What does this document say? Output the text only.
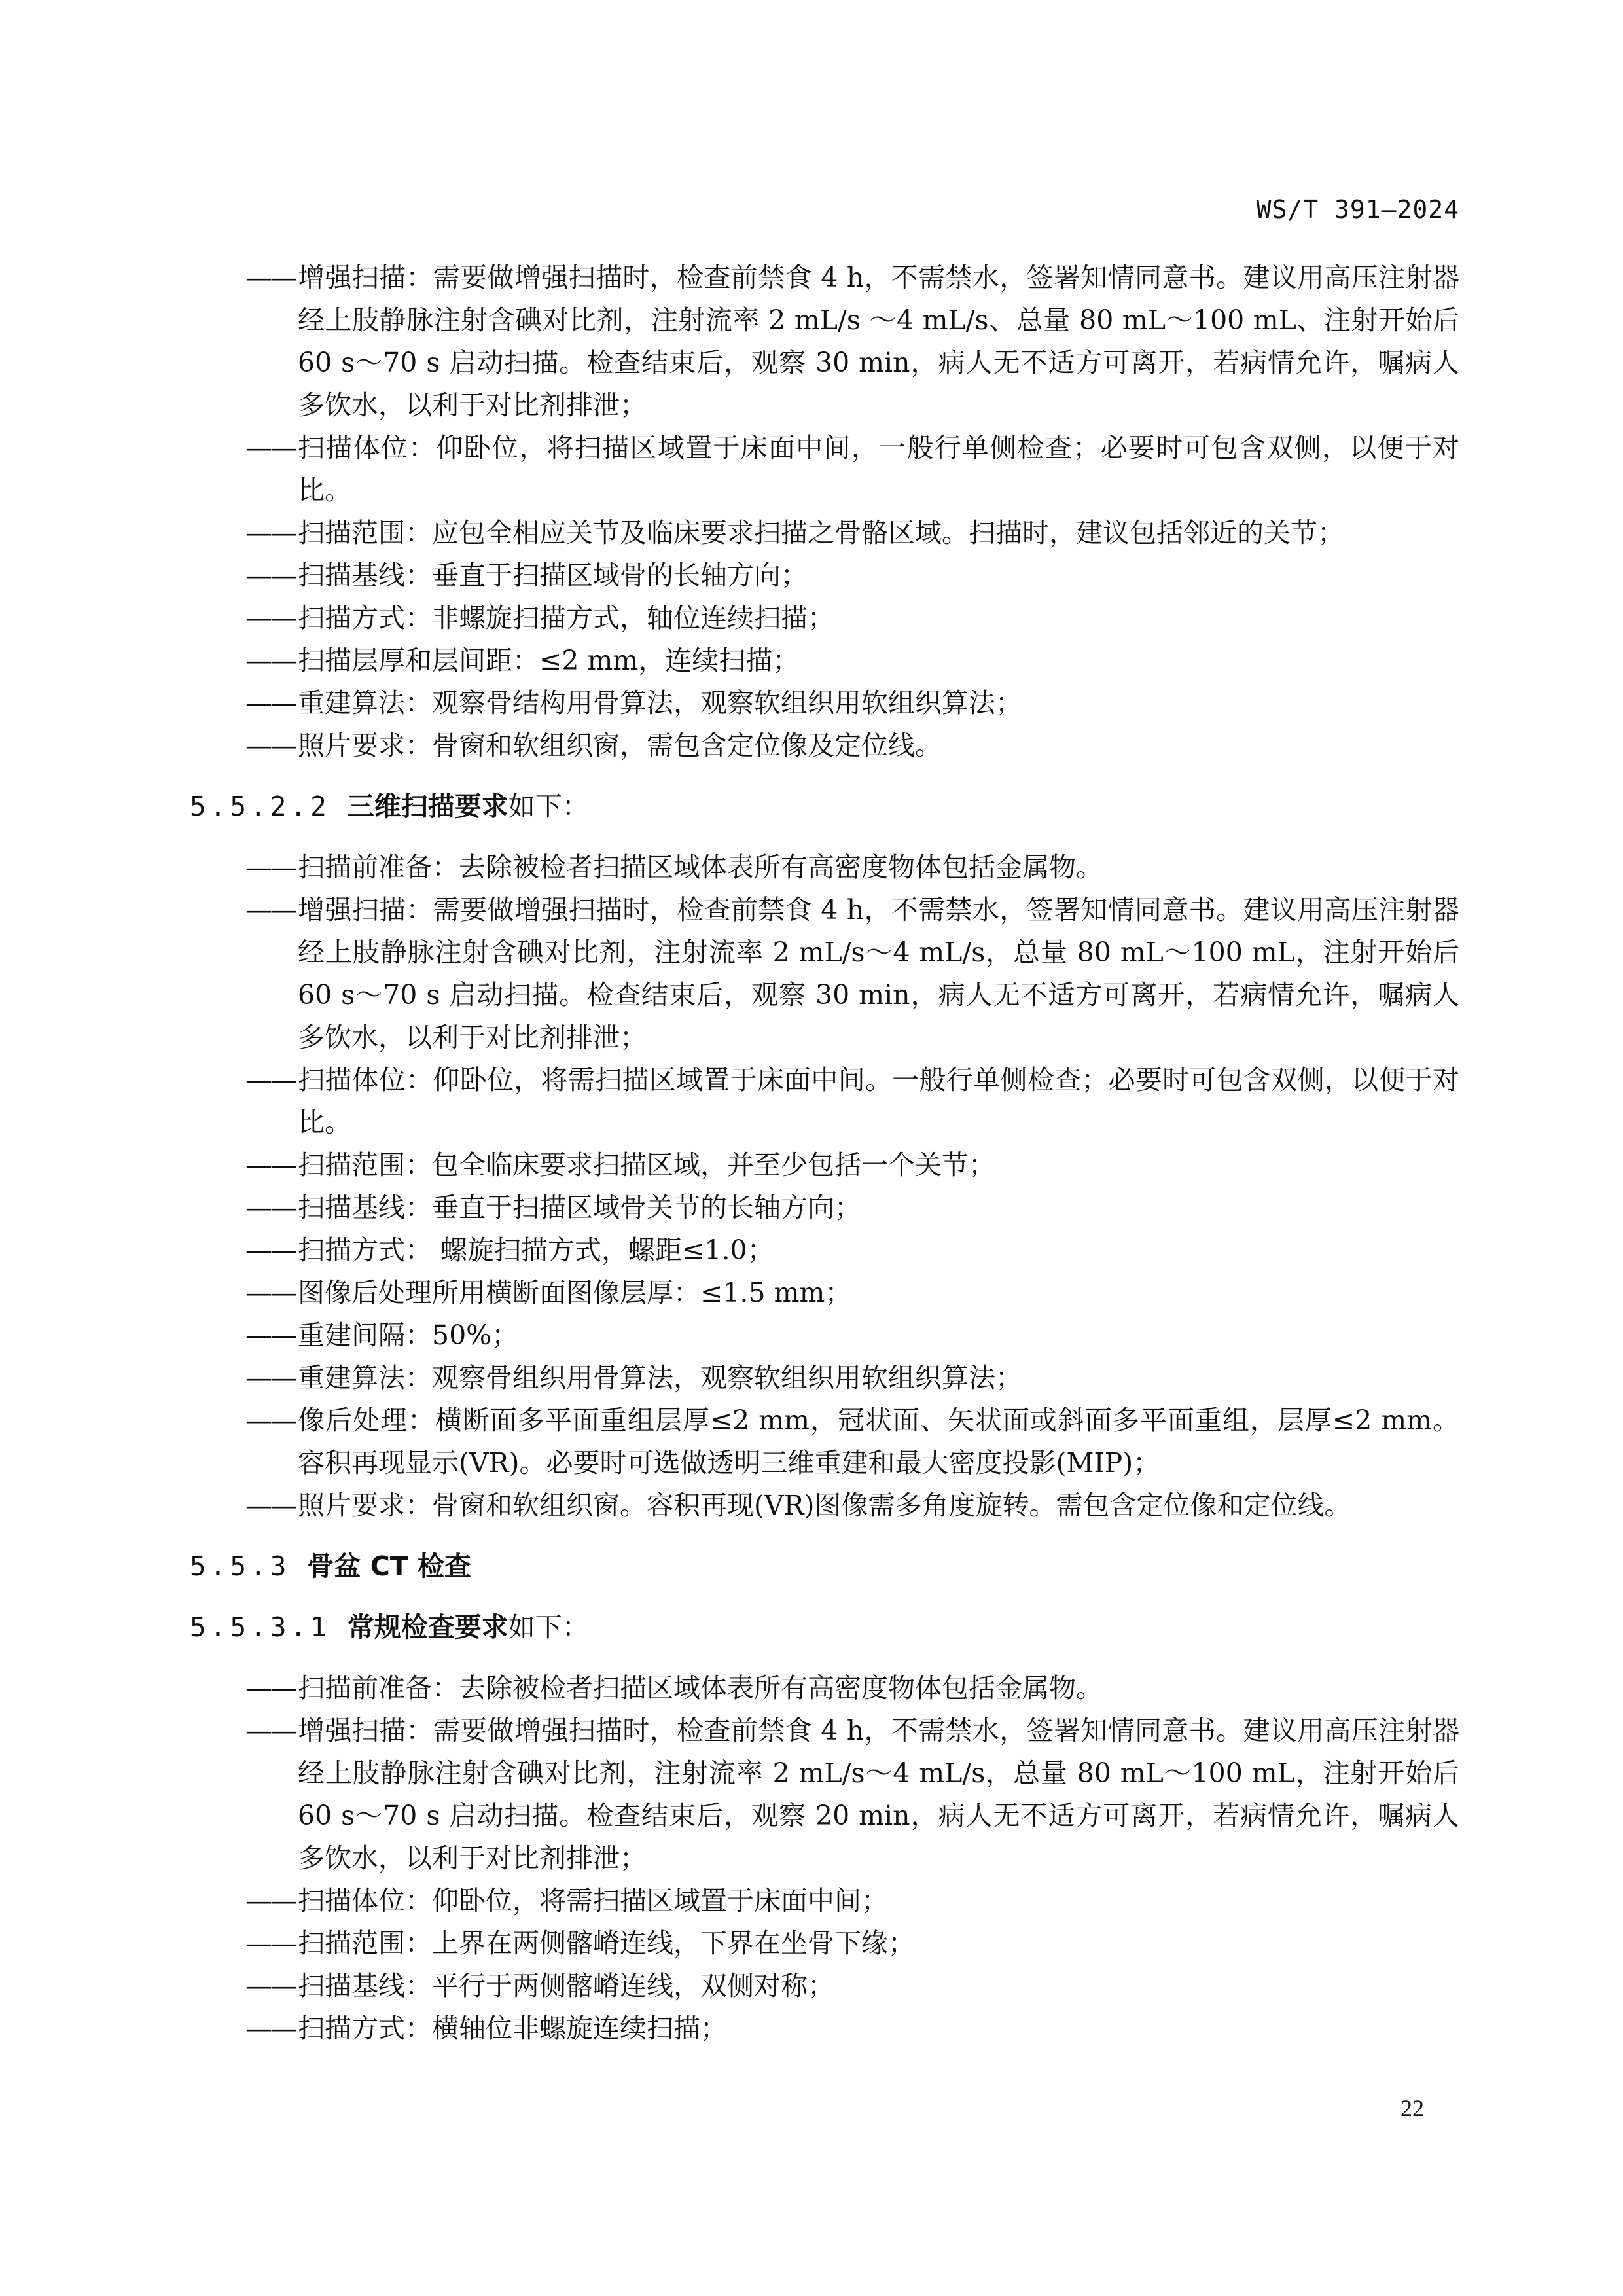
WS/T 391—2024
—— 增强扫描：需要做增强扫描时，检查前禁食 4 h，不需禁水，签署知情同意书。建议用高压注射器经上肢静脉注射含碘对比剂，注射流率 2 mL/s ～4 mL/s、总量 80 mL～100 mL、注射开始后 60 s～70 s 启动扫描。检查结束后，观察 30 min，病人无不适方可离开，若病情允许，嘱病人多饮水，以利于对比剂排泄；
—— 扫描体位：仰卧位，将扫描区域置于床面中间，一般行单侧检查；必要时可包含双侧，以便于对比。
—— 扫描范围：应包全相应关节及临床要求扫描之骨骼区域。扫描时，建议包括邻近的关节；
—— 扫描基线：垂直于扫描区域骨的长轴方向；
—— 扫描方式：非螺旋扫描方式，轴位连续扫描；
—— 扫描层厚和层间距：≤2 mm，连续扫描；
—— 重建算法：观察骨结构用骨算法，观察软组织用软组织算法；
—— 照片要求：骨窗和软组织窗，需包含定位像及定位线。
5.5.2.2 三维扫描要求如下：
—— 扫描前准备：去除被检者扫描区域体表所有高密度物体包括金属物。
—— 增强扫描：需要做增强扫描时，检查前禁食 4 h，不需禁水，签署知情同意书。建议用高压注射器经上肢静脉注射含碘对比剂，注射流率 2 mL/s～4 mL/s，总量 80 mL～100 mL，注射开始后 60 s～70 s 启动扫描。检查结束后，观察 30 min，病人无不适方可离开，若病情允许，嘱病人多饮水，以利于对比剂排泄；
—— 扫描体位：仰卧位，将需扫描区域置于床面中间。一般行单侧检查；必要时可包含双侧，以便于对比。
—— 扫描范围：包全临床要求扫描区域，并至少包括一个关节；
—— 扫描基线：垂直于扫描区域骨关节的长轴方向；
—— 扫描方式： 螺旋扫描方式，螺距≤1.0；
—— 图像后处理所用横断面图像层厚：≤1.5 mm；
—— 重建间隔：50%；
—— 重建算法：观察骨组织用骨算法，观察软组织用软组织算法；
—— 像后处理：横断面多平面重组层厚≤2 mm，冠状面、矢状面或斜面多平面重组，层厚≤2 mm。容积再现显示(VR)。必要时可选做透明三维重建和最大密度投影(MIP)；
—— 照片要求：骨窗和软组织窗。容积再现(VR)图像需多角度旋转。需包含定位像和定位线。
5.5.3 骨盆 CT 检查
5.5.3.1 常规检查要求如下：
—— 扫描前准备：去除被检者扫描区域体表所有高密度物体包括金属物。
—— 增强扫描：需要做增强扫描时，检查前禁食 4 h，不需禁水，签署知情同意书。建议用高压注射器经上肢静脉注射含碘对比剂，注射流率 2 mL/s～4 mL/s，总量 80 mL～100 mL，注射开始后 60 s～70 s 启动扫描。检查结束后，观察 20 min，病人无不适方可离开，若病情允许，嘱病人多饮水，以利于对比剂排泄；
—— 扫描体位：仰卧位，将需扫描区域置于床面中间；
—— 扫描范围：上界在两侧髂嵴连线，下界在坐骨下缘；
—— 扫描基线：平行于两侧髂嵴连线，双侧对称；
—— 扫描方式：横轴位非螺旋连续扫描；
22
